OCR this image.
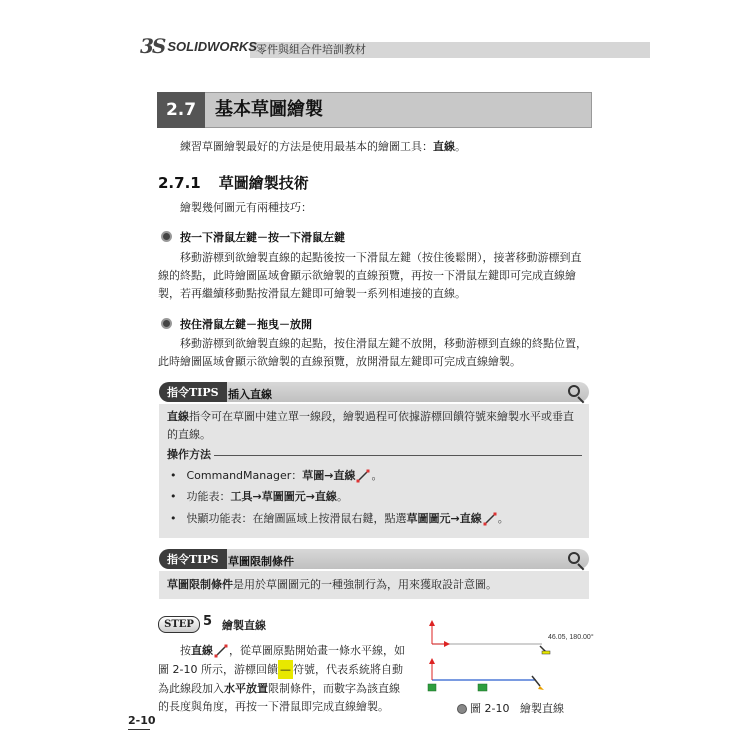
3S SOLIDWORKS 零件與組合件培訓教材
2.7	基本草圖繪製
練習草圖繪製最好的方法是使用最基本的繪圖工具：直線。
2.7.1 草圖繪製技術
繪製幾何圖元有兩種技巧：
按一下滑鼠左鍵－按一下滑鼠左鍵
移動游標到欲繪製直線的起點後按一下滑鼠左鍵（按住後鬆開），接著移動游標到直
線的終點，此時繪圖區域會顯示欲繪製的直線預覽，再按一下滑鼠左鍵即可完成直線繪
製，若再繼續移動點按滑鼠左鍵即可繪製一系列相連接的直線。
按住滑鼠左鍵－拖曳－放開
移動游標到欲繪製直線的起點，按住滑鼠左鍵不放開，移動游標到直線的終點位置，
此時繪圖區域會顯示欲繪製的直線預覽，放開滑鼠左鍵即可完成直線繪製。
指令TIPS 插入直線
直線指令可在草圖中建立單一線段，繪製過程可依據游標回饋符號來繪製水平或垂直
的直線。
操作方法
• CommandManager： 草圖→直線 。
• 功能表： 工具→草圖圖元→直線 。
• 快顯功能表：在繪圖區域上按滑鼠右鍵，點選 草圖圖元→直線 。
指令TIPS 草圖限制條件
草圖限制條件是用於草圖圖元的一種強制行為，用來獲取設計意圖。
STEP 5 繪製直線
按 直線 ，從草圖原點開始畫一條水平線，如
圖 2-10 所示，游標回饋 — 符號，代表系統將自動
為此線段加入水平放置限制條件，而數字為該直線
的長度與角度，再按一下滑鼠即完成直線繪製。
46.05, 180.00°
圖 2-10 繪製直線
2-10
